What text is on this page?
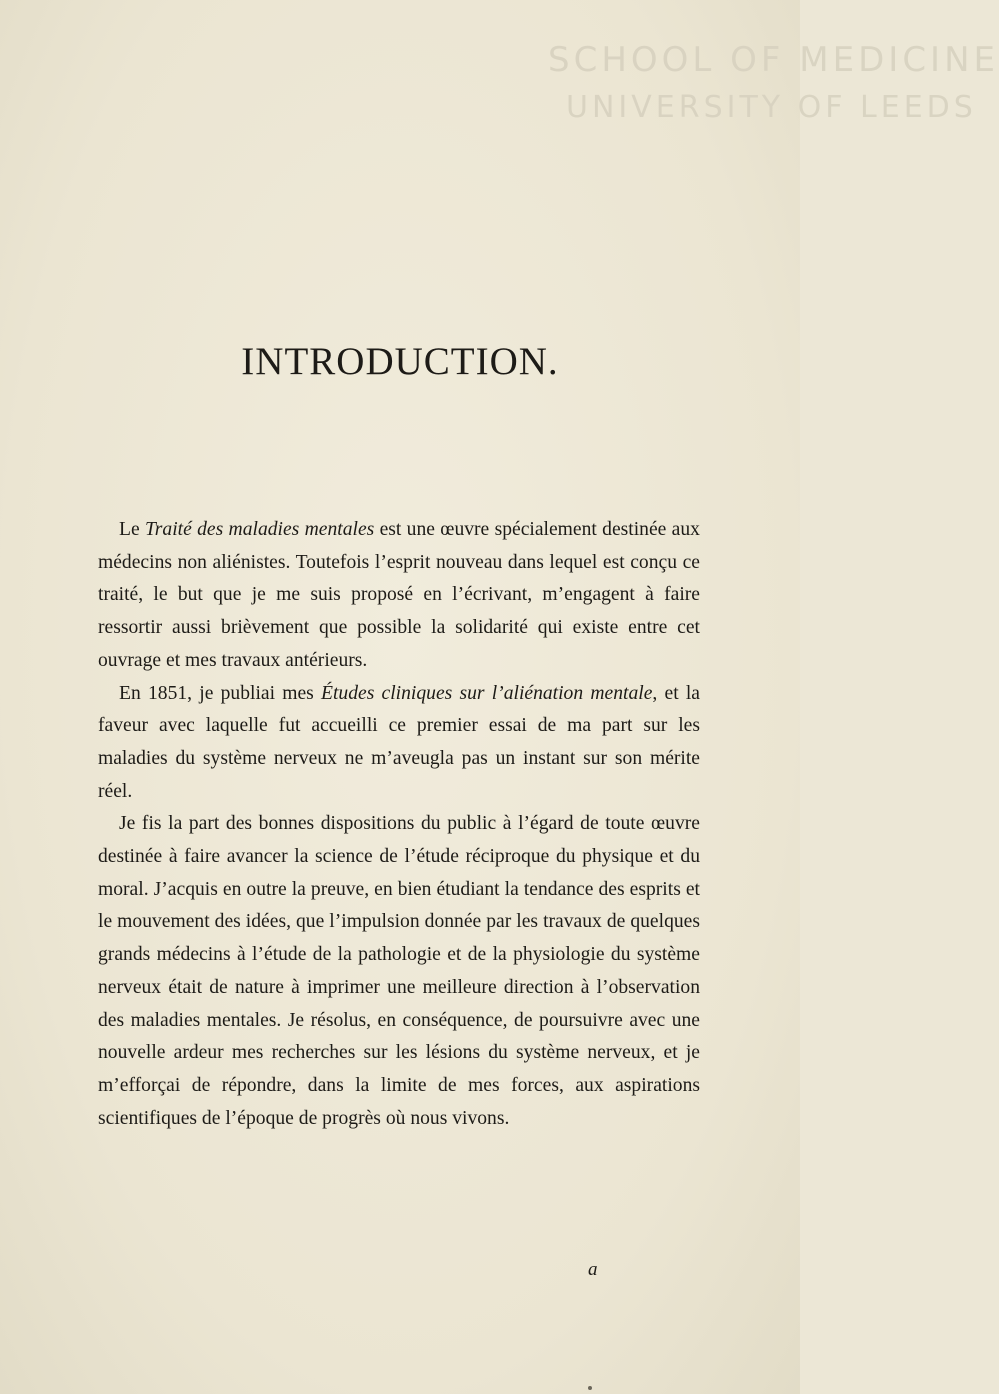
SCHOOL OF MEDICINE
UNIVERSITY OF LEEDS
INTRODUCTION.

Le Traité des maladies mentales est une œuvre spécialement destinée aux médecins non aliénistes. Toutefois l’esprit nouveau dans lequel est conçu ce traité, le but que je me suis proposé en l’écrivant, m’engagent à faire ressortir aussi brièvement que possible la solidarité qui existe entre cet ouvrage et mes travaux antérieurs.

En 1851, je publiai mes Études cliniques sur l’aliénation mentale, et la faveur avec laquelle fut accueilli ce premier essai de ma part sur les maladies du système nerveux ne m’aveugla pas un instant sur son mérite réel.

Je fis la part des bonnes dispositions du public à l’égard de toute œuvre destinée à faire avancer la science de l’étude réciproque du physique et du moral. J’acquis en outre la preuve, en bien étudiant la tendance des esprits et le mouvement des idées, que l’impulsion donnée par les travaux de quelques grands médecins à l’étude de la pathologie et de la physiologie du système nerveux était de nature à imprimer une meilleure direction à l’observation des maladies mentales. Je résolus, en conséquence, de poursuivre avec une nouvelle ardeur mes recherches sur les lésions du système nerveux, et je m’efforçai de répondre, dans la limite de mes forces, aux aspirations scientifiques de l’époque de progrès où nous vivons.

a
